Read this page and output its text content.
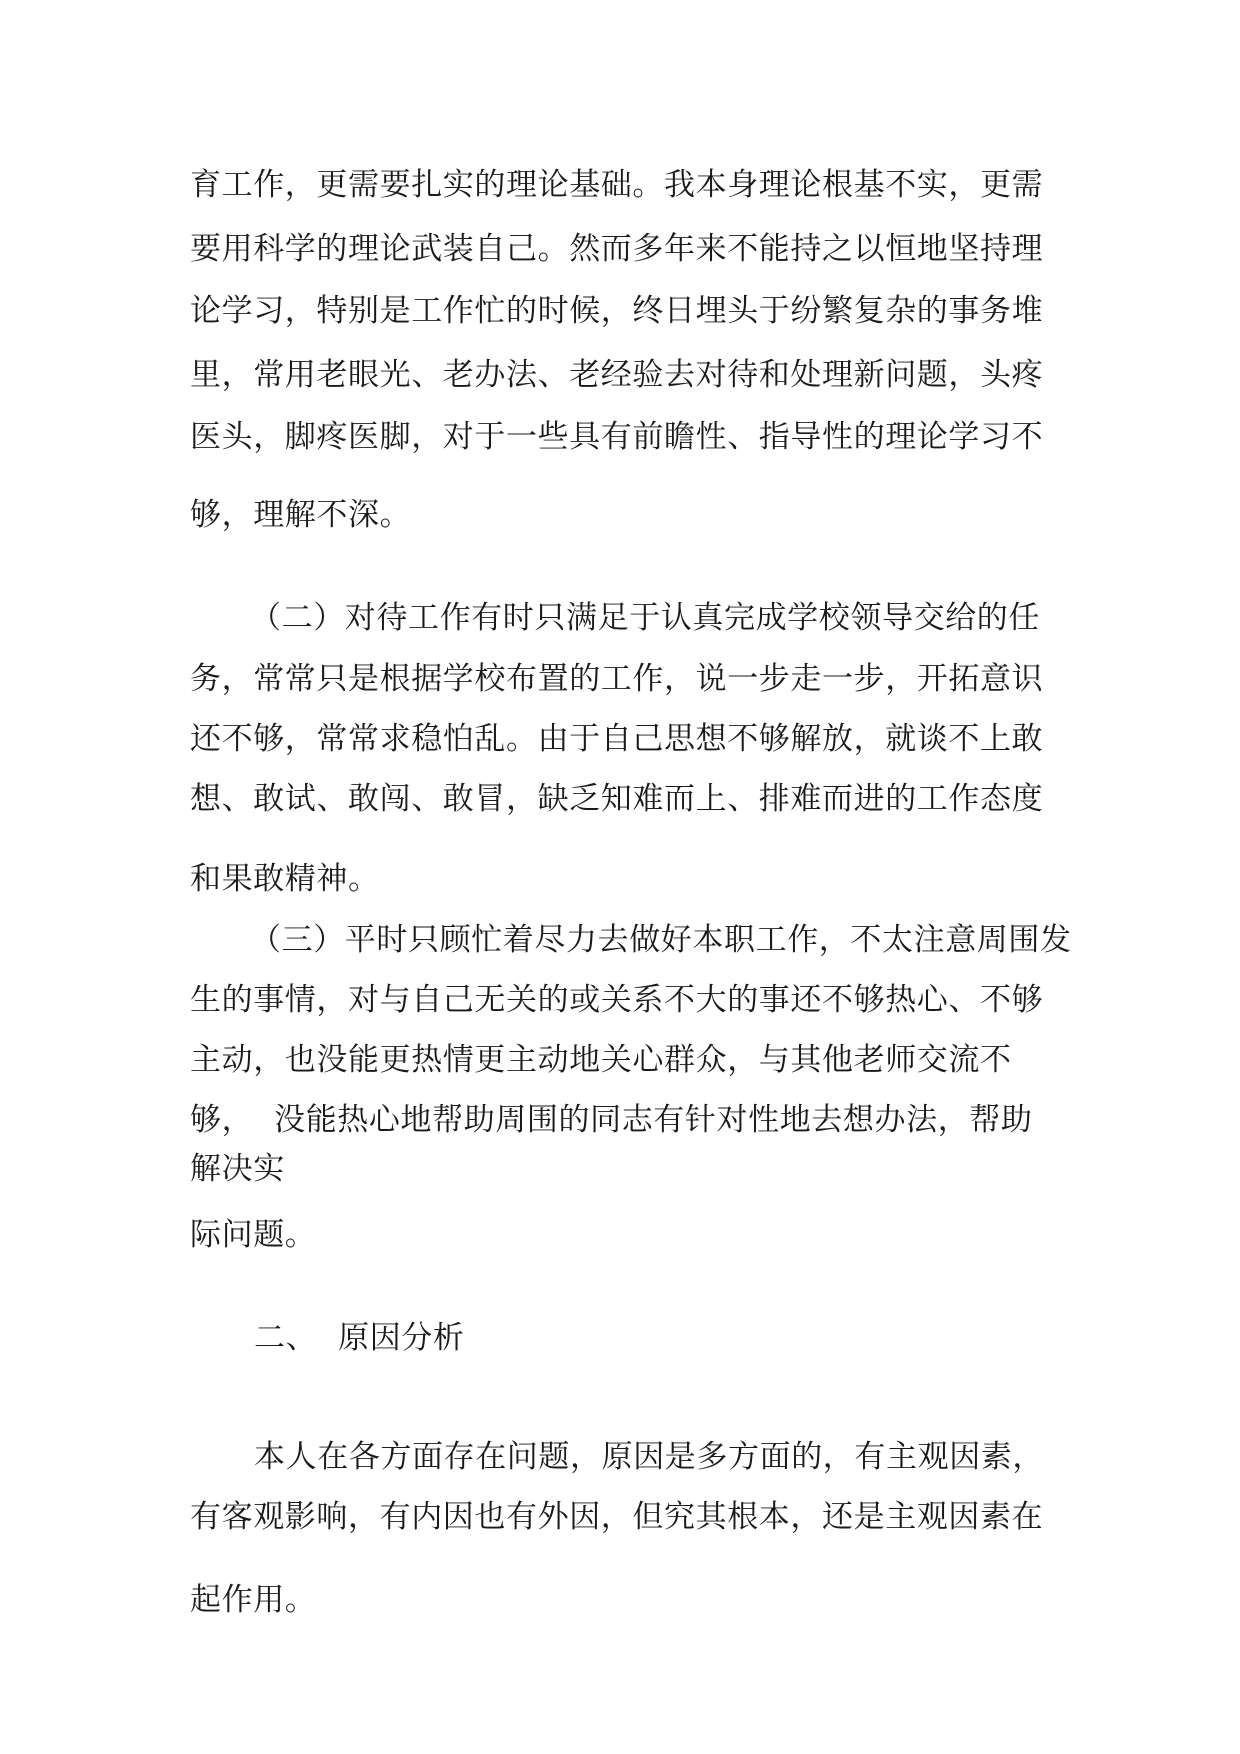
育工作，更需要扎实的理论基础。我本身理论根基不实，更需

要用科学的理论武装自己。然而多年来不能持之以恒地坚持理

论学习，特别是工作忙的时候，终日埋头于纷繁复杂的事务堆

里，常用老眼光、老办法、老经验去对待和处理新问题，头疼

医头，脚疼医脚，对于一些具有前瞻性、指导性的理论学习不

够，理解不深。

（二）对待工作有时只满足于认真完成学校领导交给的任

务，常常只是根据学校布置的工作，说一步走一步，开拓意识

还不够，常常求稳怕乱。由于自己思想不够解放，就谈不上敢

想、敢试、敢闯、敢冒，缺乏知难而上、排难而进的工作态度

和果敢精神。

（三）平时只顾忙着尽力去做好本职工作，不太注意周围发

生的事情，对与自己无关的或关系不大的事还不够热心、不够

主动，也没能更热情更主动地关心群众，与其他老师交流不

够，  没能热心地帮助周围的同志有针对性地去想办法，帮助

解决实

际问题。

二、  原因分析

本人在各方面存在问题，原因是多方面的，有主观因素，

有客观影响，有内因也有外因，但究其根本，还是主观因素在

起作用。
